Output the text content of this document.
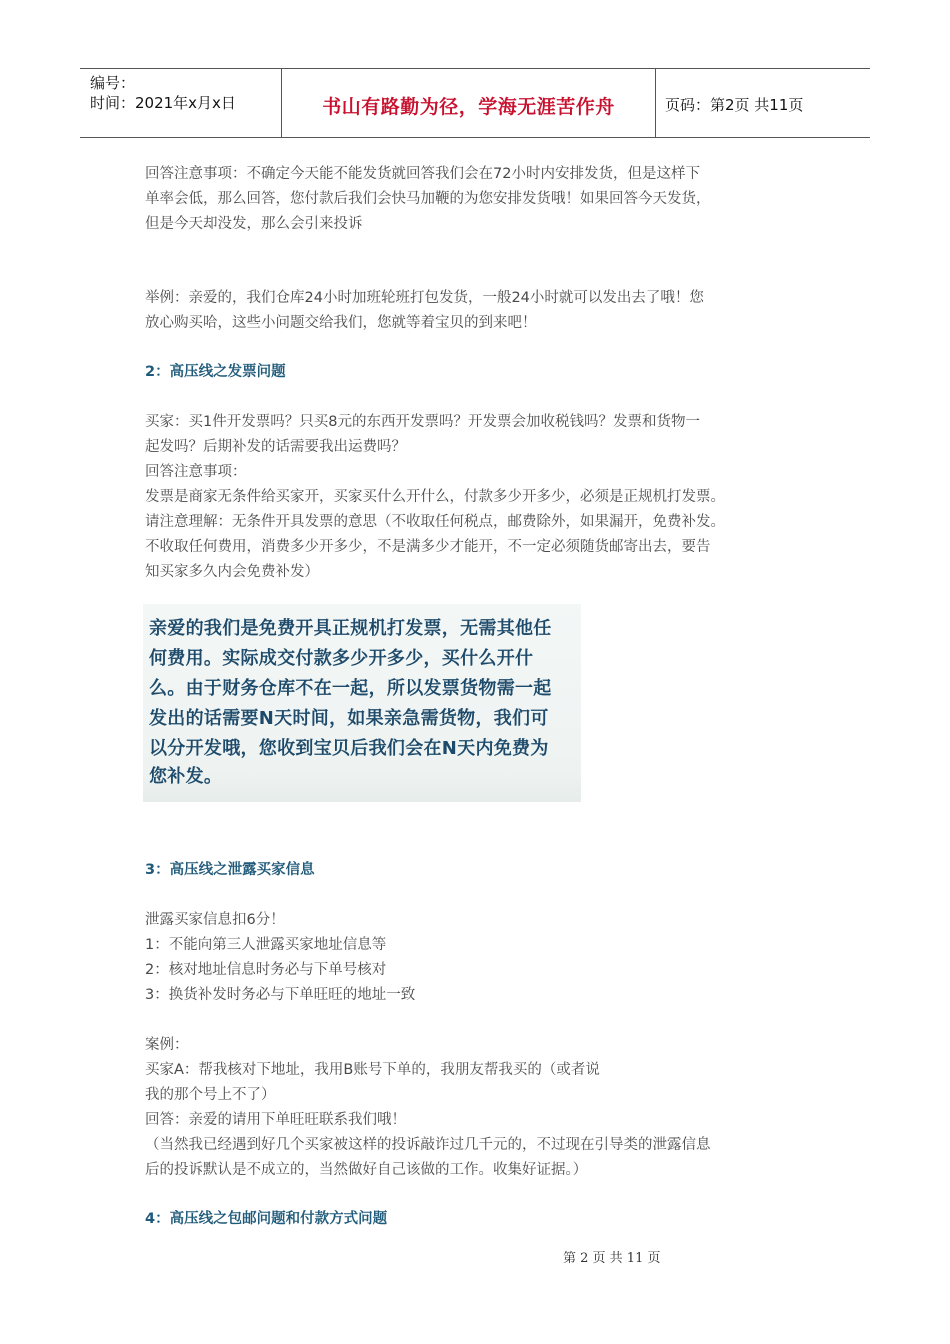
编号：
时间：2021年x月x日	书山有路勤为径，学海无涯苦作舟	页码：第2页 共11页
回答注意事项：不确定今天能不能发货就回答我们会在72小时内安排发货，但是这样下
单率会低，那么回答，您付款后我们会快马加鞭的为您安排发货哦！如果回答今天发货，
但是今天却没发，那么会引来投诉
举例：亲爱的，我们仓库24小时加班轮班打包发货，一般24小时就可以发出去了哦！您
放心购买哈，这些小问题交给我们，您就等着宝贝的到来吧！
2：高压线之发票问题
买家：买1件开发票吗？只买8元的东西开发票吗？开发票会加收税钱吗？发票和货物一
起发吗？后期补发的话需要我出运费吗？
回答注意事项：
发票是商家无条件给买家开，买家买什么开什么，付款多少开多少，必须是正规机打发票。
请注意理解：无条件开具发票的意思（不收取任何税点，邮费除外，如果漏开，免费补发。
不收取任何费用，消费多少开多少，不是满多少才能开，不一定必须随货邮寄出去，要告
知买家多久内会免费补发）
亲爱的我们是免费开具正规机打发票，无需其他任
何费用。实际成交付款多少开多少，买什么开什
么。由于财务仓库不在一起，所以发票货物需一起
发出的话需要N天时间，如果亲急需货物，我们可
以分开发哦，您收到宝贝后我们会在N天内免费为
您补发。
3：高压线之泄露买家信息
泄露买家信息扣6分！
1：不能向第三人泄露买家地址信息等
2：核对地址信息时务必与下单号核对
3：换货补发时务必与下单旺旺的地址一致
案例：
买家A：帮我核对下地址，我用B账号下单的，我朋友帮我买的（或者说
我的那个号上不了）
回答：亲爱的请用下单旺旺联系我们哦！
（当然我已经遇到好几个买家被这样的投诉敲诈过几千元的，不过现在引导类的泄露信息
后的投诉默认是不成立的，当然做好自己该做的工作。收集好证据。）
4：高压线之包邮问题和付款方式问题
第 2 页 共 11 页
